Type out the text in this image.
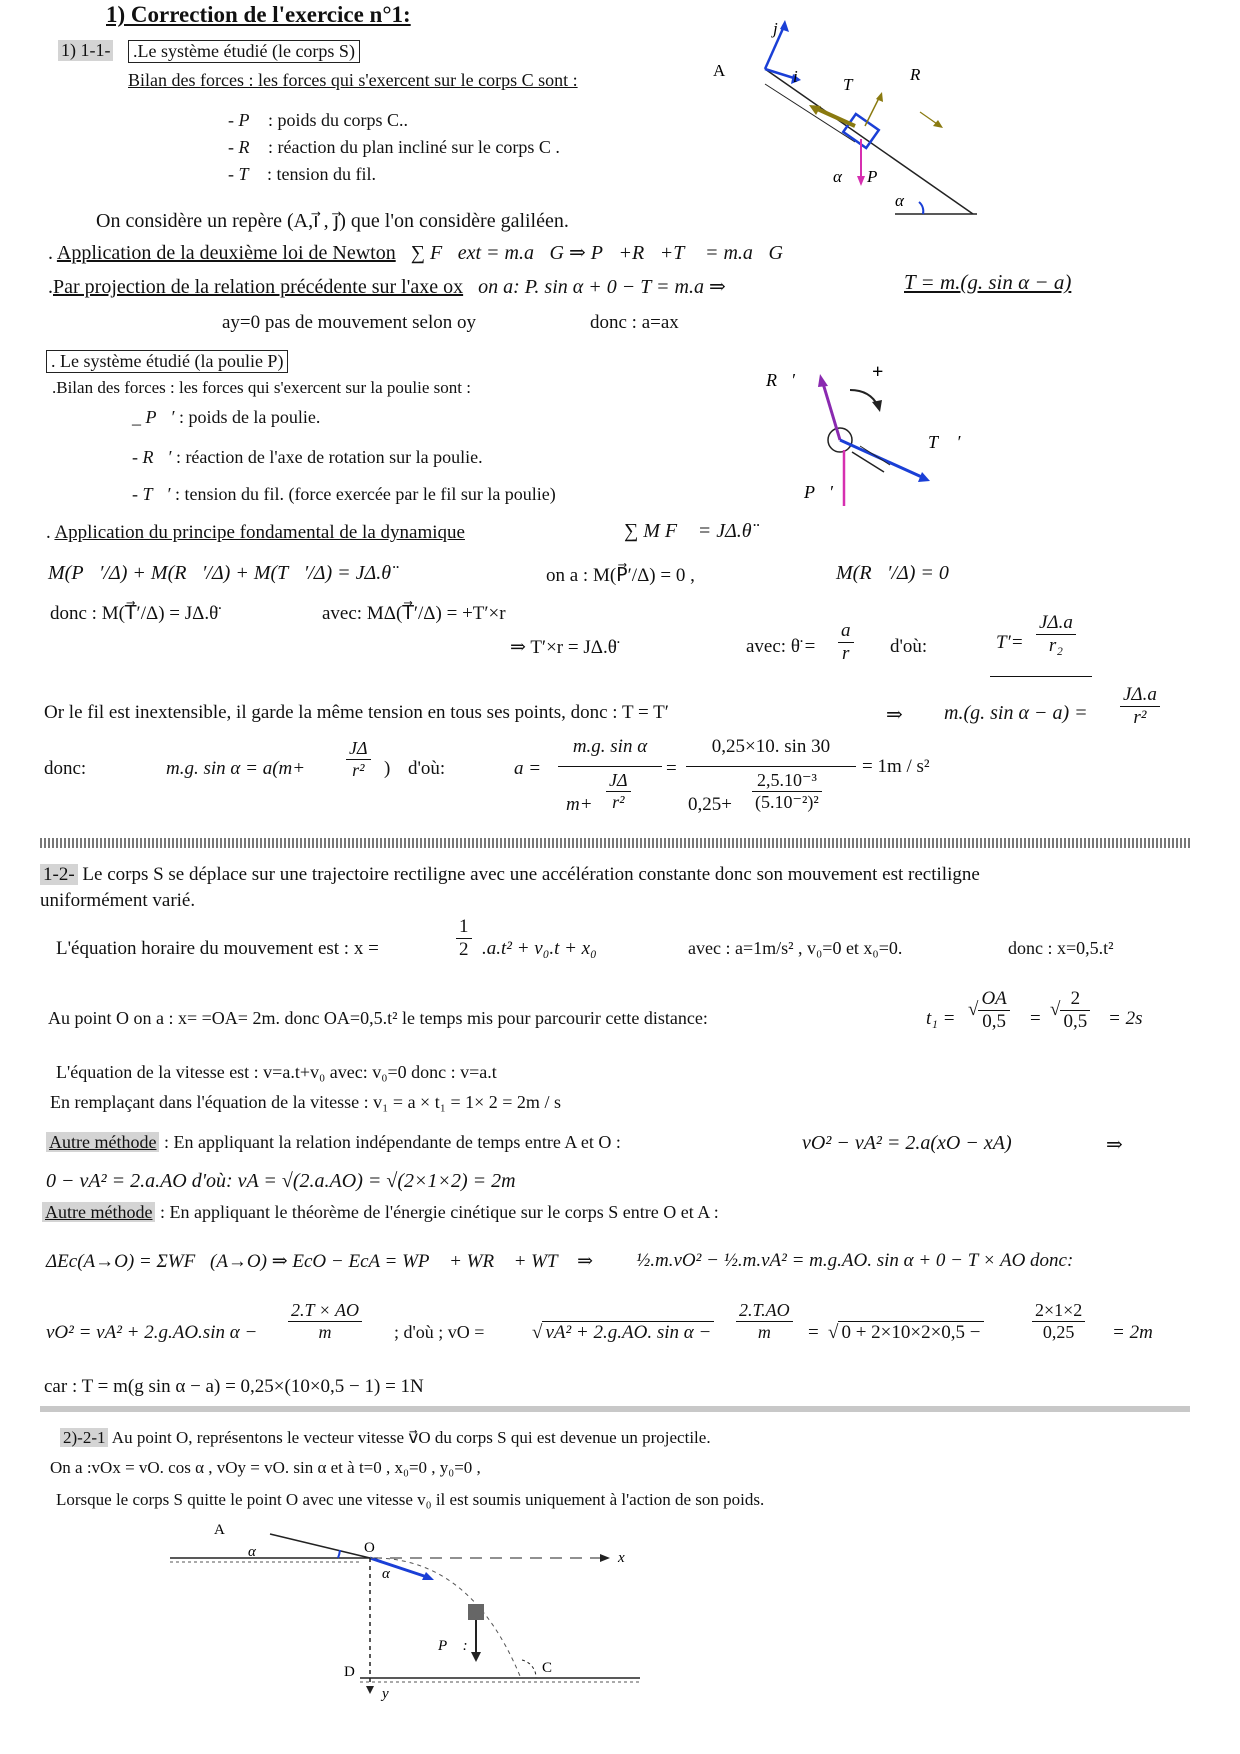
1) Correction de l'exercice n°1:
1) 1-1- .Le système étudié (le corps S)
Bilan des forces : les forces qui s'exercent sur le corps C sont :
- P⃗ : poids du corps C..
- R⃗ : réaction du plan incliné sur le corps C .
- T⃗ : tension du fil.
On considère un repère (A,i⃗ , j⃗) que l'on considère galiléen.
. Application de la deuxième loi de Newton ∑ F⃗ext = m.a⃗G ⇒ P⃗+R⃗+T⃗ = m.a⃗G
.Par projection de la relation précédente sur l'axe ox on a: P. sin α + 0 − T = m.a ⇒	T = m.(g. sin α − a)
ay=0 pas de mouvement selon oy	donc : a=ax
A
j⃗
i⃗ T⃗
R⃗
P⃗
α
α
. Le système étudié (la poulie P)
.Bilan des forces : les forces qui s'exercent sur la poulie sont :
_ P⃗′ : poids de la poulie.
- R⃗′ : réaction de l'axe de rotation sur la poulie.
- T⃗′ : tension du fil. (force exercée par le fil sur la poulie)
+
R⃗′
T⃗ ′
P⃗′
. Application du principe fondamental de la dynamique	∑ M F⃗ = JΔ.θ̈
M(P⃗′/Δ) + M(R⃗′/Δ) + M(T⃗′/Δ) = JΔ.θ̈	on a : M(P⃗′/Δ) = 0 ,	M(R⃗′/Δ) = 0
donc : M(T⃗′/Δ) = JΔ.θ̈	avec: MΔ(T⃗′/Δ) = +T′×r
⇒ T′×r = JΔ.θ̈	avec: θ̈ = $\frac{a}{r}$ d'où:	$T'= \frac{J\Delta.a}{\text{r₂}}$
Or le fil est inextensible, il garde la même tension en tous ses points, donc : T = T′	⇒ m.(g. $\sin \alpha - a) = \frac{J\Delta.a}{\text{r²}}$
donc:	m.g. $\sin \alpha = a(m+ \frac{J\Delta}{\text{r²}}$ ) d'où:	a =
m.g. sin α
$m+ \frac{J\Delta}{\text{r²}}$
=
0,25×10. sin 30
$0,25+ \frac{\text{2,5.10⁻³}}{\text{(5.10⁻²)²}}$
= 1m / s²
1-2- Le corps S se déplace sur une trajectoire rectiligne avec une accélération constante donc son mouvement est rectiligne
uniformément varié.
L'équation horaire du mouvement est : x =	$\frac{1}{2} .a.t^2 + v_0.t + x_0$	avec : a=1m/s² , v₀=0 et x₀=0.	donc : x=0,5.t²
Au point O on a : x= =OA= 2m. donc OA=0,5.t² le temps mis pour parcourir cette distance:	t₁ = √ $\frac{OA}{0,5}$ = √ $\frac{2}{0,5} = 2s$
L'équation de la vitesse est : v=a.t+v₀ avec: v₀=0 donc : v=a.t
En remplaçant dans l'équation de la vitesse : v₁ = a × t₁ = 1× 2 = 2m / s
Autre méthode : En appliquant la relation indépendante de temps entre A et O :	vO² − vA² = 2.a(xO − xA)	⇒
0 − vA² = 2.a.AO d'où: vA = √(2.a.AO) = √(2×1×2) = 2m
Autre méthode : En appliquant le théorème de l'énergie cinétique sur le corps S entre O et A :
ΔEc(A→O) = ΣWF⃗(A→O) ⇒ EcO − EcA = WP⃗ + WR⃗ + WT⃗ ⇒ ½.m.vO² − ½.m.vA² = m.g.AO. sin α + 0 − T × AO donc:
vO² = vA² + 2.g.AO.sin $\alpha - \frac{2.T \times AO}{m}$ ; d'où ; vO =	√ vA² + 2.g.AO. $\sin \alpha - \frac{2.T.AO}{m}$ = √ 0 + 2×10×2×0,5 −	$\frac{2\times 1\times 2}{0,25} = 2m$
car : T = m(g sin α − a) = 0,25×(10×0,5 − 1) = 1N
2)-2-1 Au point O, représentons le vecteur vitesse v⃗O du corps S qui est devenue un projectile.
On a :vOx = vO. cos α , vOy = vO. sin α et à t=0 , x₀=0 , y₀=0 ,
Lorsque le corps S quitte le point O avec une vitesse v₀ il est soumis uniquement à l'action de son poids.
A
O
α
α
x
P⃗ :
D
y
C
